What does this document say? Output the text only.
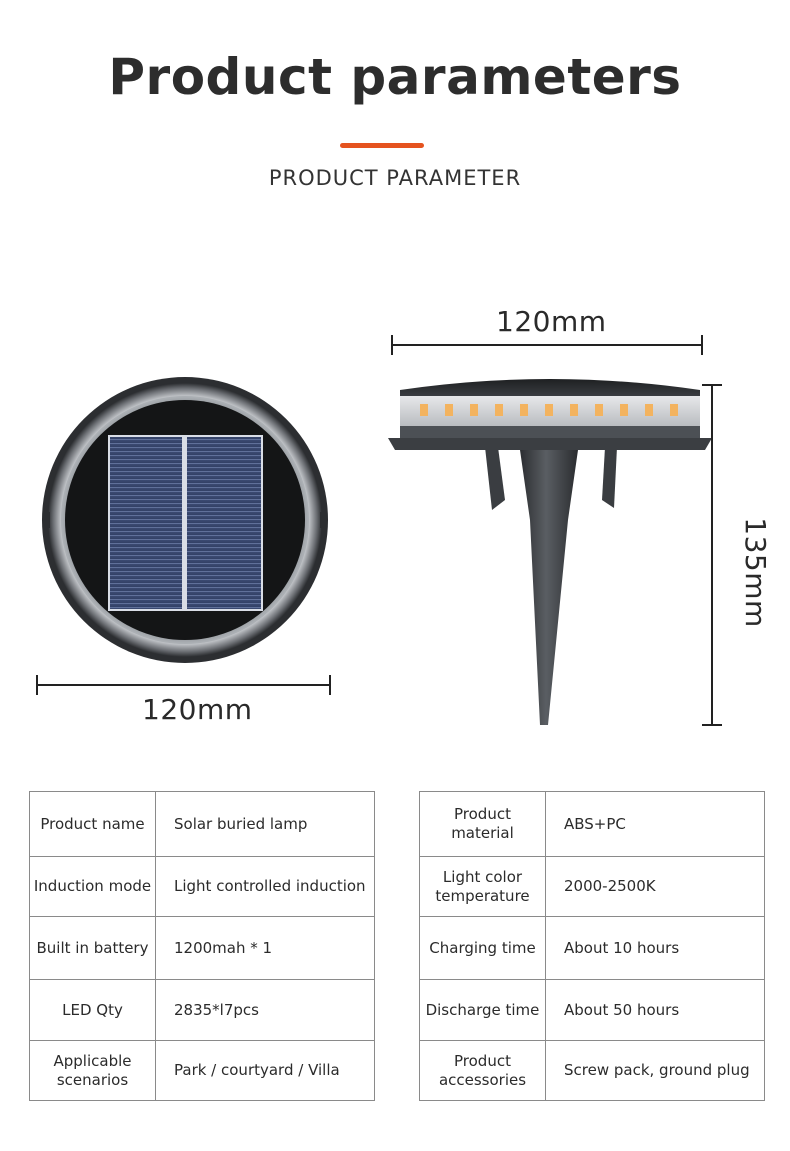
Product parameters
PRODUCT PARAMETER
120mm
120mm
135mm
Product name	Solar buried lamp
Induction mode	Light controlled induction
Built in battery	1200mah * 1
LED Qty	2835*l7pcs
Applicable scenarios	Park / courtyard / Villa
Product material	ABS+PC
Light color temperature	2000-2500K
Charging time	About 10 hours
Discharge time	About 50 hours
Product accessories	Screw pack, ground plug
